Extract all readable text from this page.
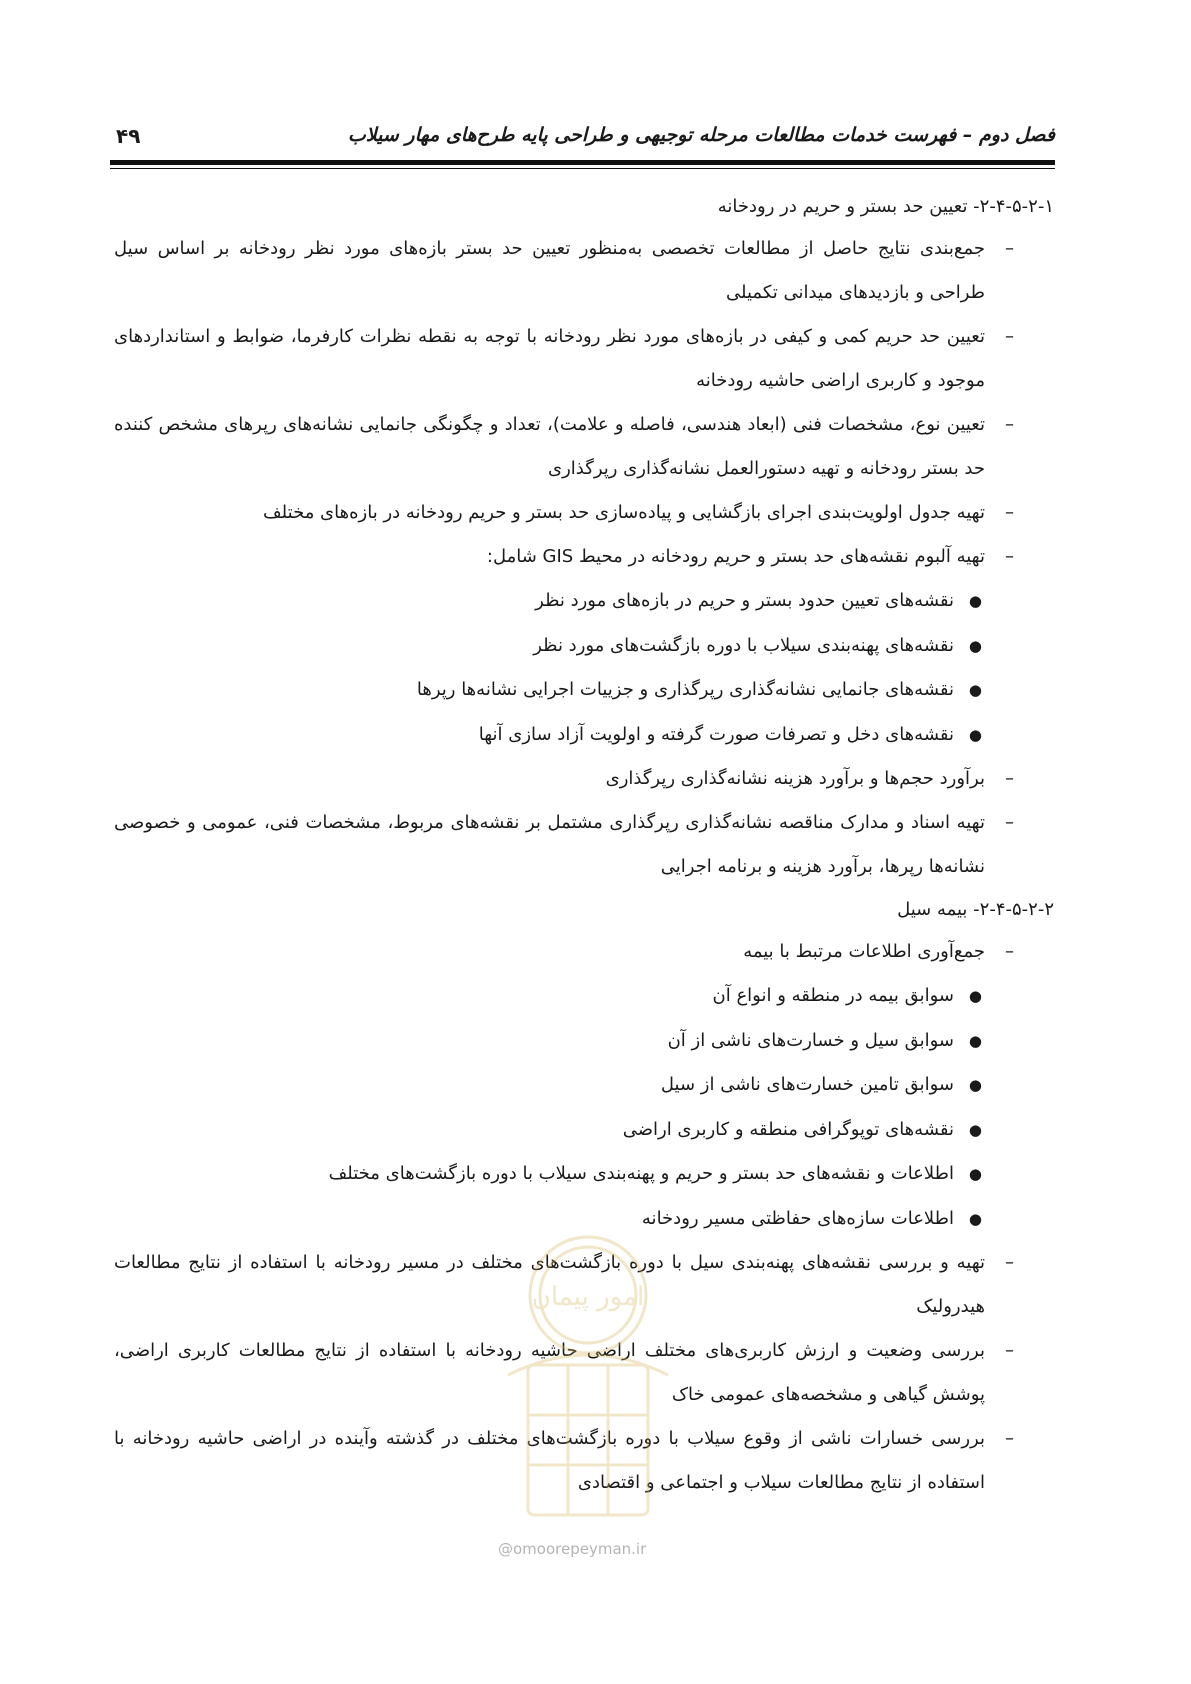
فصل دوم – فهرست خدمات مطالعات مرحله توجیهی و طراحی پایه طرح‌های مهار سیلاب
۴۹
۲-۴-۵-۲-۱- تعیین حد بستر و حریم در رودخانه
–
جمع‌بندی نتایج حاصل از مطالعات تخصصی به‌منظور تعیین حد بستر بازه‌های مورد نظر رودخانه بر اساس سیل طراحی و بازدیدهای میدانی تکمیلی
–
تعیین حد حریم کمی و کیفی در بازه‌های مورد نظر رودخانه با توجه به نقطه نظرات کارفرما، ضوابط و استانداردهای موجود و کاربری اراضی حاشیه رودخانه
–
تعیین نوع، مشخصات فنی (ابعاد هندسی، فاصله و علامت)، تعداد و چگونگی جانمایی نشانه‌های رپرهای مشخص کننده حد بستر رودخانه و تهیه دستورالعمل نشانه‌گذاری رپرگذاری
–
تهیه جدول اولویت‌بندی اجرای بازگشایی و پیاده‌سازی حد بستر و حریم رودخانه در بازه‌های مختلف
–
تهیه آلبوم نقشه‌های حد بستر و حریم رودخانه در محیط GIS شامل:
●
نقشه‌های تعیین حدود بستر و حریم در بازه‌های مورد نظر
●
نقشه‌های پهنه‌بندی سیلاب با دوره بازگشت‌های مورد نظر
●
نقشه‌های جانمایی نشانه‌گذاری رپرگذاری و جزییات اجرایی نشانه‌ها رپرها
●
نقشه‌های دخل و تصرفات صورت گرفته و اولویت آزاد سازی آنها
–
برآورد حجم‌ها و برآورد هزینه نشانه‌گذاری رپرگذاری
–
تهیه اسناد و مدارک مناقصه نشانه‌گذاری رپرگذاری مشتمل بر نقشه‌های مربوط، مشخصات فنی، عمومی و خصوصی نشانه‌ها رپرها، برآورد هزینه و برنامه اجرایی
۲-۴-۵-۲-۲- بیمه سیل
–
جمع‌آوری اطلاعات مرتبط با بیمه
●
سوابق بیمه در منطقه و انواع آن
●
سوابق سیل و خسارت‌های ناشی از آن
●
سوابق تامین خسارت‌های ناشی از سیل
●
نقشه‌های توپوگرافی منطقه و کاربری اراضی
●
اطلاعات و نقشه‌های حد بستر و حریم و پهنه‌بندی سیلاب با دوره بازگشت‌های مختلف
●
اطلاعات سازه‌های حفاظتی مسیر رودخانه
–
تهیه و بررسی نقشه‌های پهنه‌بندی سیل با دوره بازگشت‌های مختلف در مسیر رودخانه با استفاده از نتایج مطالعات هیدرولیک
–
بررسی وضعیت و ارزش کاربری‌های مختلف اراضی حاشیه رودخانه با استفاده از نتایج مطالعات کاربری اراضی، پوشش گیاهی و مشخصه‌های عمومی خاک
–
بررسی خسارات ناشی از وقوع سیلاب با دوره بازگشت‌های مختلف در گذشته وآینده در اراضی حاشیه رودخانه با استفاده از نتایج مطالعات سیلاب و اجتماعی و اقتصادی
امور پیمان
@omoorepeyman.ir
